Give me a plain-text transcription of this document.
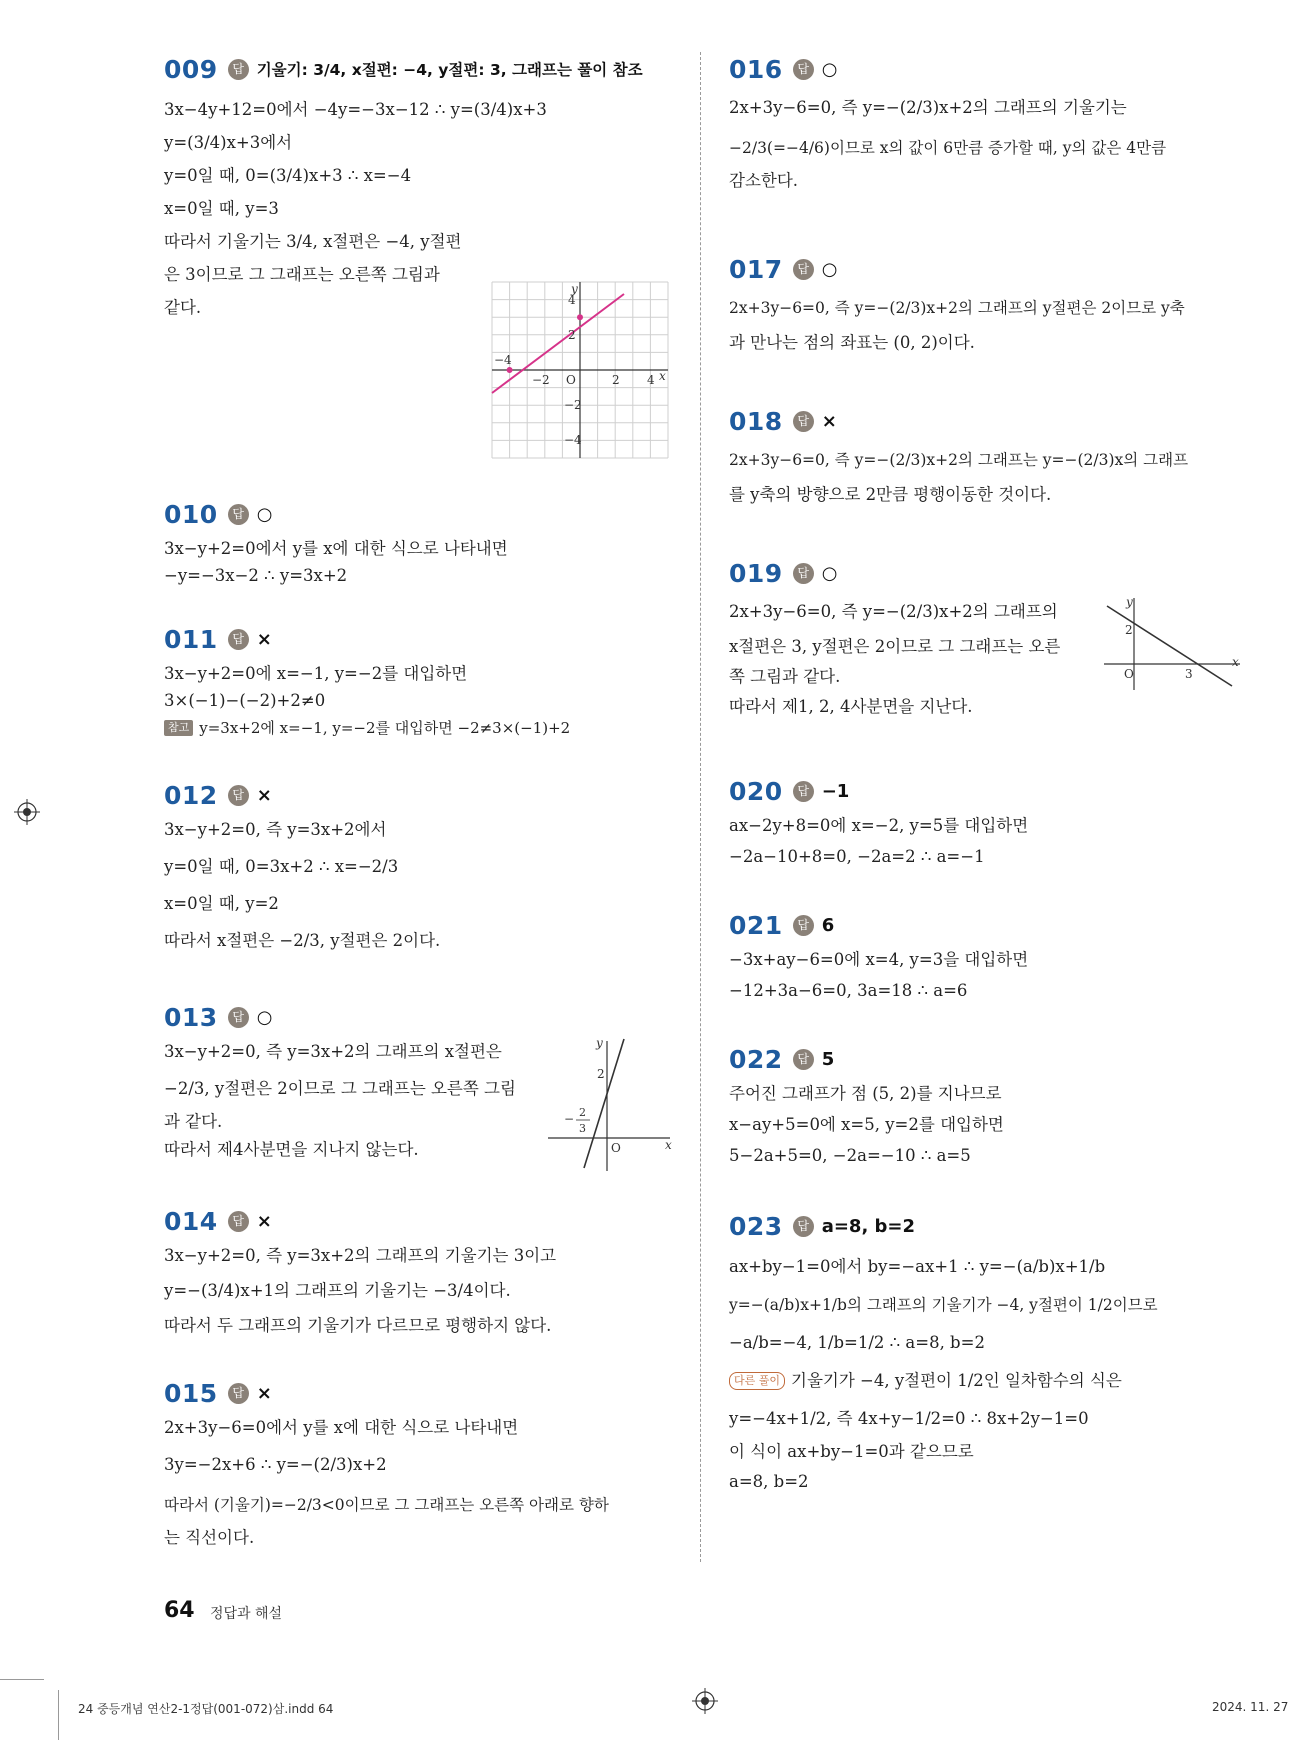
009	답 기울기: 3/4, x절편: −4, y절편: 3, 그래프는 풀이 참조
3x−4y+12=0에서 −4y=−3x−12 ∴ y=(3/4)x+3
y=(3/4)x+3에서
y=0일 때, 0=(3/4)x+3 ∴ x=−4
x=0일 때, y=3
따라서 기울기는 3/4, x절편은 −4, y절편
은 3이므로 그 그래프는 오른쪽 그림과
같다.
−4
−2 O	2 4 x
4
2
−2
−4
y
010	답 ○
3x−y+2=0에서 y를 x에 대한 식으로 나타내면
−y=−3x−2 ∴ y=3x+2
011	답 ×
3x−y+2=0에 x=−1, y=−2를 대입하면
3×(−1)−(−2)+2≠0
참고 y=3x+2에 x=−1, y=−2를 대입하면 −2≠3×(−1)+2
012	답 ×
3x−y+2=0, 즉 y=3x+2에서
y=0일 때, 0=3x+2 ∴ x=−2/3
x=0일 때, y=2
따라서 x절편은 −2/3, y절편은 2이다.
013	답 ○
3x−y+2=0, 즉 y=3x+2의 그래프의 x절편은
−2/3, y절편은 2이므로 그 그래프는 오른쪽 그림
과 같다.
따라서 제4사분면을 지나지 않는다.
y
x
2
O
− 2
3
014	답 ×
3x−y+2=0, 즉 y=3x+2의 그래프의 기울기는 3이고
y=−(3/4)x+1의 그래프의 기울기는 −3/4이다.
따라서 두 그래프의 기울기가 다르므로 평행하지 않다.
015	답 ×
2x+3y−6=0에서 y를 x에 대한 식으로 나타내면
3y=−2x+6 ∴ y=−(2/3)x+2
따라서 (기울기)=−2/3<0이므로 그 그래프는 오른쪽 아래로 향하
는 직선이다.
016	답 ○
2x+3y−6=0, 즉 y=−(2/3)x+2의 그래프의 기울기는
−2/3(=−4/6)이므로 x의 값이 6만큼 증가할 때, y의 값은 4만큼
감소한다.
017	답 ○
2x+3y−6=0, 즉 y=−(2/3)x+2의 그래프의 y절편은 2이므로 y축
과 만나는 점의 좌표는 (0, 2)이다.
018	답 ×
2x+3y−6=0, 즉 y=−(2/3)x+2의 그래프는 y=−(2/3)x의 그래프
를 y축의 방향으로 2만큼 평행이동한 것이다.
019	답 ○
2x+3y−6=0, 즉 y=−(2/3)x+2의 그래프의
x절편은 3, y절편은 2이므로 그 그래프는 오른
쪽 그림과 같다.
따라서 제1, 2, 4사분면을 지난다.
y
x
2
O	3
020	답 −1
ax−2y+8=0에 x=−2, y=5를 대입하면
−2a−10+8=0, −2a=2 ∴ a=−1
021	답 6
−3x+ay−6=0에 x=4, y=3을 대입하면
−12+3a−6=0, 3a=18 ∴ a=6
022	답 5
주어진 그래프가 점 (5, 2)를 지나므로
x−ay+5=0에 x=5, y=2를 대입하면
5−2a+5=0, −2a=−10 ∴ a=5
023	답 a=8, b=2
ax+by−1=0에서 by=−ax+1 ∴ y=−(a/b)x+1/b
y=−(a/b)x+1/b의 그래프의 기울기가 −4, y절편이 1/2이므로
−a/b=−4, 1/b=1/2 ∴ a=8, b=2
다른 풀이 기울기가 −4, y절편이 1/2인 일차함수의 식은
y=−4x+1/2, 즉 4x+y−1/2=0 ∴ 8x+2y−1=0
이 식이 ax+by−1=0과 같으므로
a=8, b=2
64 정답과 해설
24 중등개념 연산2-1정답(001-072)삼.indd 64	2024. 11. 27
